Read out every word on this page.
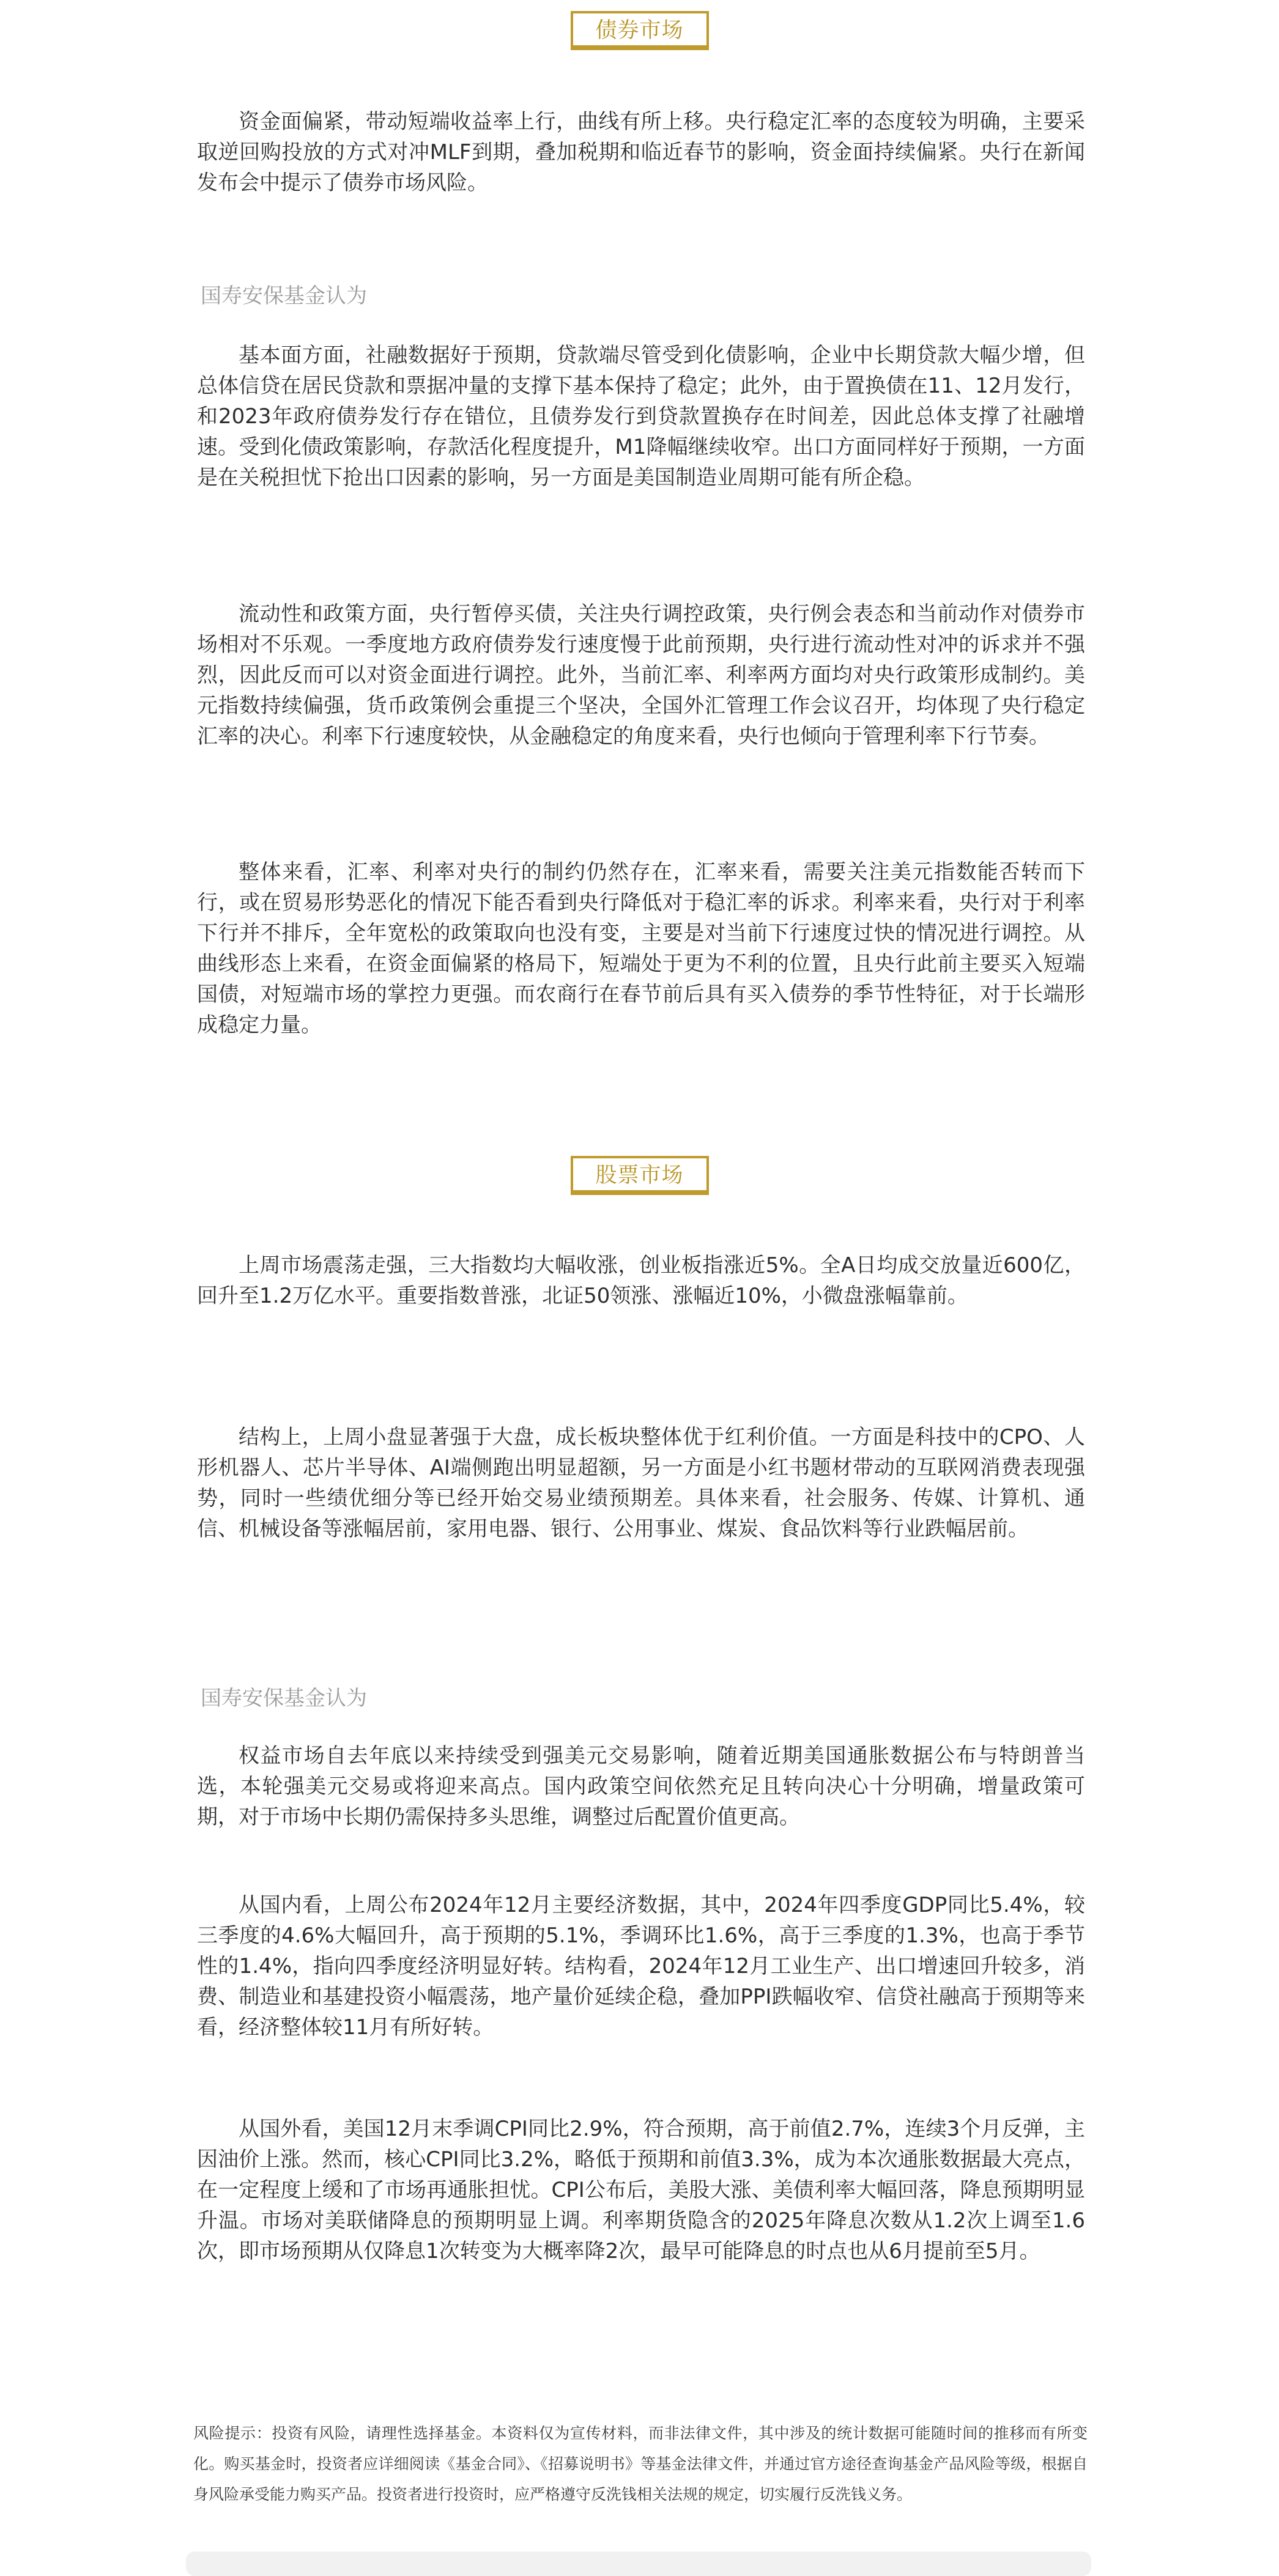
债券市场

资金面偏紧，带动短端收益率上行，曲线有所上移。央行稳定汇率的态度较为明确，主要采取逆回购投放的方式对冲MLF到期，叠加税期和临近春节的影响，资金面持续偏紧。央行在新闻发布会中提示了债券市场风险。

国寿安保基金认为

基本面方面，社融数据好于预期，贷款端尽管受到化债影响，企业中长期贷款大幅少增，但总体信贷在居民贷款和票据冲量的支撑下基本保持了稳定；此外，由于置换债在11、12月发行，和2023年政府债券发行存在错位，且债券发行到贷款置换存在时间差，因此总体支撑了社融增速。受到化债政策影响，存款活化程度提升，M1降幅继续收窄。出口方面同样好于预期，一方面是在关税担忧下抢出口因素的影响，另一方面是美国制造业周期可能有所企稳。

流动性和政策方面，央行暂停买债，关注央行调控政策，央行例会表态和当前动作对债券市场相对不乐观。一季度地方政府债券发行速度慢于此前预期，央行进行流动性对冲的诉求并不强烈，因此反而可以对资金面进行调控。此外，当前汇率、利率两方面均对央行政策形成制约。美元指数持续偏强，货币政策例会重提三个坚决，全国外汇管理工作会议召开，均体现了央行稳定汇率的决心。利率下行速度较快，从金融稳定的角度来看，央行也倾向于管理利率下行节奏。

整体来看，汇率、利率对央行的制约仍然存在，汇率来看，需要关注美元指数能否转而下行，或在贸易形势恶化的情况下能否看到央行降低对于稳汇率的诉求。利率来看，央行对于利率下行并不排斥，全年宽松的政策取向也没有变，主要是对当前下行速度过快的情况进行调控。从曲线形态上来看，在资金面偏紧的格局下，短端处于更为不利的位置，且央行此前主要买入短端国债，对短端市场的掌控力更强。而农商行在春节前后具有买入债券的季节性特征，对于长端形成稳定力量。

股票市场

上周市场震荡走强，三大指数均大幅收涨，创业板指涨近5%。全A日均成交放量近600亿，回升至1.2万亿水平。重要指数普涨，北证50领涨、涨幅近10%，小微盘涨幅靠前。

结构上，上周小盘显著强于大盘，成长板块整体优于红利价值。一方面是科技中的CPO、人形机器人、芯片半导体、AI端侧跑出明显超额，另一方面是小红书题材带动的互联网消费表现强势，同时一些绩优细分等已经开始交易业绩预期差。具体来看，社会服务、传媒、计算机、通信、机械设备等涨幅居前，家用电器、银行、公用事业、煤炭、食品饮料等行业跌幅居前。

国寿安保基金认为

权益市场自去年底以来持续受到强美元交易影响，随着近期美国通胀数据公布与特朗普当选，本轮强美元交易或将迎来高点。国内政策空间依然充足且转向决心十分明确，增量政策可期，对于市场中长期仍需保持多头思维，调整过后配置价值更高。

从国内看，上周公布2024年12月主要经济数据，其中，2024年四季度GDP同比5.4%，较三季度的4.6%大幅回升，高于预期的5.1%，季调环比1.6%，高于三季度的1.3%，也高于季节性的1.4%，指向四季度经济明显好转。结构看，2024年12月工业生产、出口增速回升较多，消费、制造业和基建投资小幅震荡，地产量价延续企稳，叠加PPI跌幅收窄、信贷社融高于预期等来看，经济整体较11月有所好转。

从国外看，美国12月末季调CPI同比2.9%，符合预期，高于前值2.7%，连续3个月反弹，主因油价上涨。然而，核心CPI同比3.2%，略低于预期和前值3.3%，成为本次通胀数据最大亮点，在一定程度上缓和了市场再通胀担忧。CPI公布后，美股大涨、美债利率大幅回落，降息预期明显升温。市场对美联储降息的预期明显上调。利率期货隐含的2025年降息次数从1.2次上调至1.6次，即市场预期从仅降息1次转变为大概率降2次，最早可能降息的时点也从6月提前至5月。

风险提示：投资有风险，请理性选择基金。本资料仅为宣传材料，而非法律文件，其中涉及的统计数据可能随时间的推移而有所变化。购买基金时，投资者应详细阅读《基金合同》、《招募说明书》等基金法律文件，并通过官方途径查询基金产品风险等级，根据自身风险承受能力购买产品。投资者进行投资时，应严格遵守反洗钱相关法规的规定，切实履行反洗钱义务。
